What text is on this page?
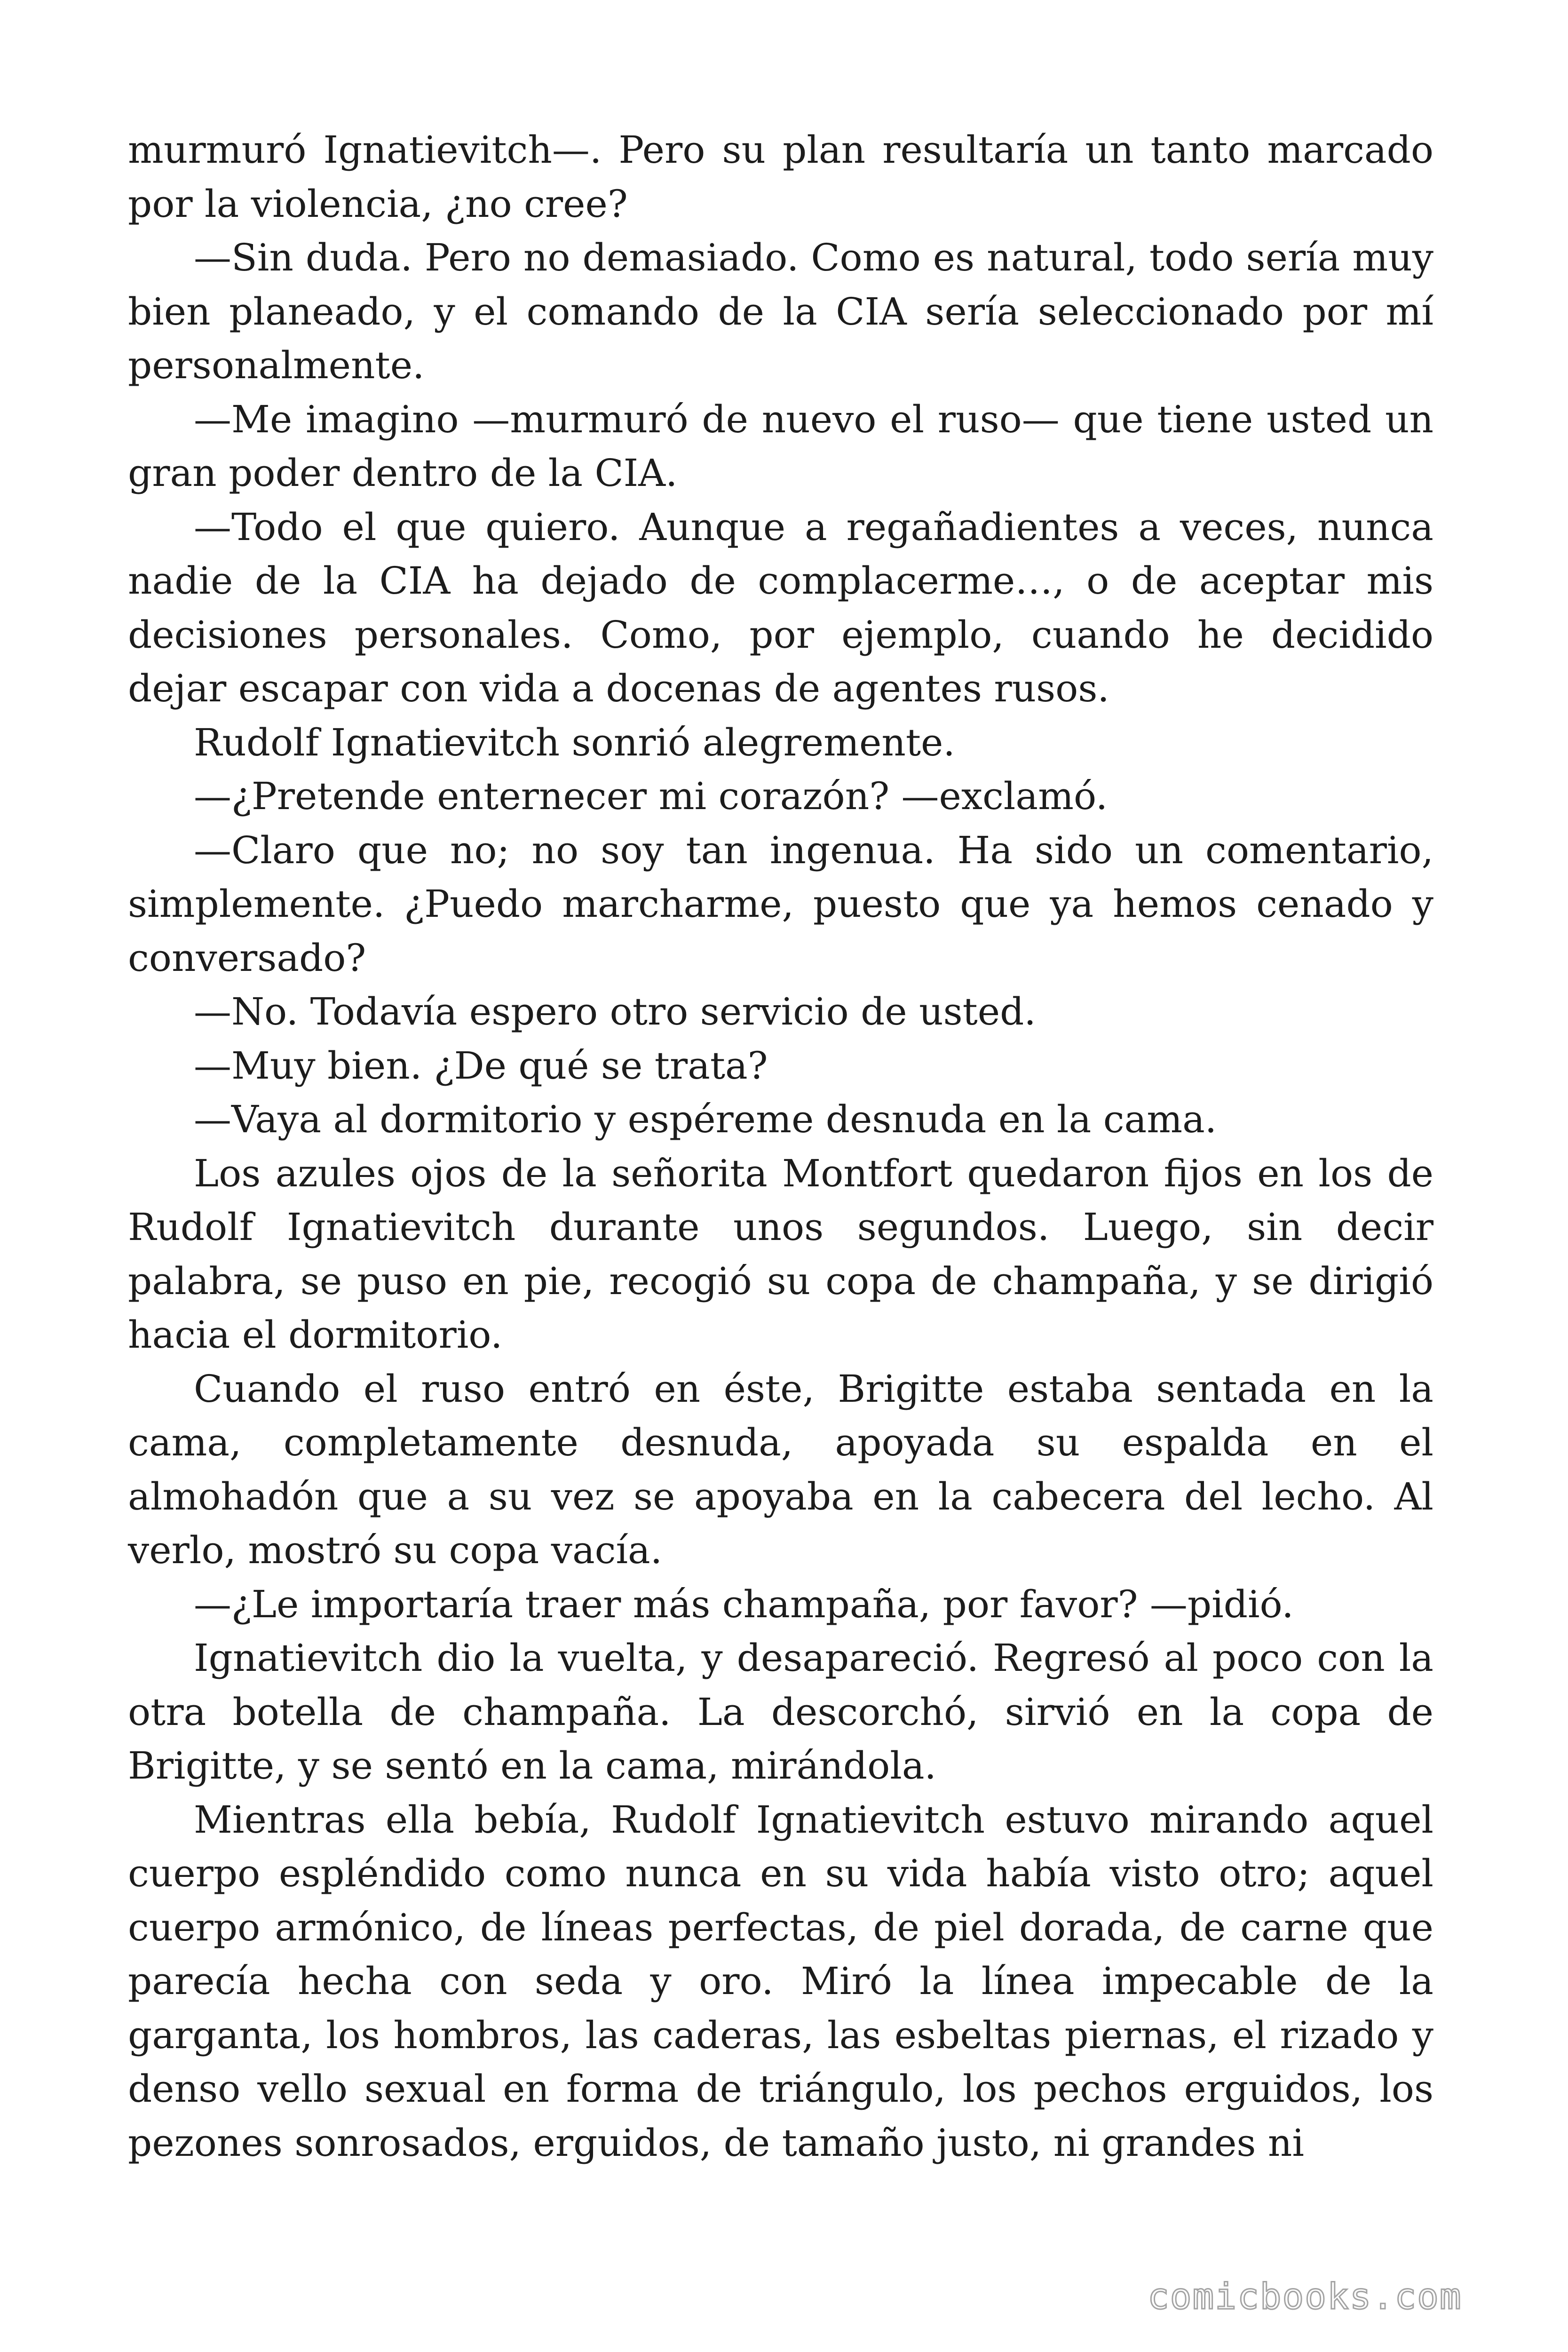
murmuró Ignatievitch—. Pero su plan resultaría un tanto marcado por la violencia, ¿no cree?

—Sin duda. Pero no demasiado. Como es natural, todo sería muy bien planeado, y el comando de la CIA sería seleccionado por mí personalmente.

—Me imagino —murmuró de nuevo el ruso— que tiene usted un gran poder dentro de la CIA.

—Todo el que quiero. Aunque a regañadientes a veces, nunca nadie de la CIA ha dejado de complacerme…, o de aceptar mis decisiones personales. Como, por ejemplo, cuando he decidido dejar escapar con vida a docenas de agentes rusos.

Rudolf Ignatievitch sonrió alegremente.

—¿Pretende enternecer mi corazón? —exclamó.

—Claro que no; no soy tan ingenua. Ha sido un comentario, simplemente. ¿Puedo marcharme, puesto que ya hemos cenado y conversado?

—No. Todavía espero otro servicio de usted.

—Muy bien. ¿De qué se trata?

—Vaya al dormitorio y espéreme desnuda en la cama.

Los azules ojos de la señorita Montfort quedaron fijos en los de Rudolf Ignatievitch durante unos segundos. Luego, sin decir palabra, se puso en pie, recogió su copa de champaña, y se dirigió hacia el dormitorio.

Cuando el ruso entró en éste, Brigitte estaba sentada en la cama, completamente desnuda, apoyada su espalda en el almohadón que a su vez se apoyaba en la cabecera del lecho. Al verlo, mostró su copa vacía.

—¿Le importaría traer más champaña, por favor? —pidió.

Ignatievitch dio la vuelta, y desapareció. Regresó al poco con la otra botella de champaña. La descorchó, sirvió en la copa de Brigitte, y se sentó en la cama, mirándola.

Mientras ella bebía, Rudolf Ignatievitch estuvo mirando aquel cuerpo espléndido como nunca en su vida había visto otro; aquel cuerpo armónico, de líneas perfectas, de piel dorada, de carne que parecía hecha con seda y oro. Miró la línea impecable de la garganta, los hombros, las caderas, las esbeltas piernas, el rizado y denso vello sexual en forma de triángulo, los pechos erguidos, los pezones sonrosados, erguidos, de tamaño justo, ni grandes ni

comicbooks.com
